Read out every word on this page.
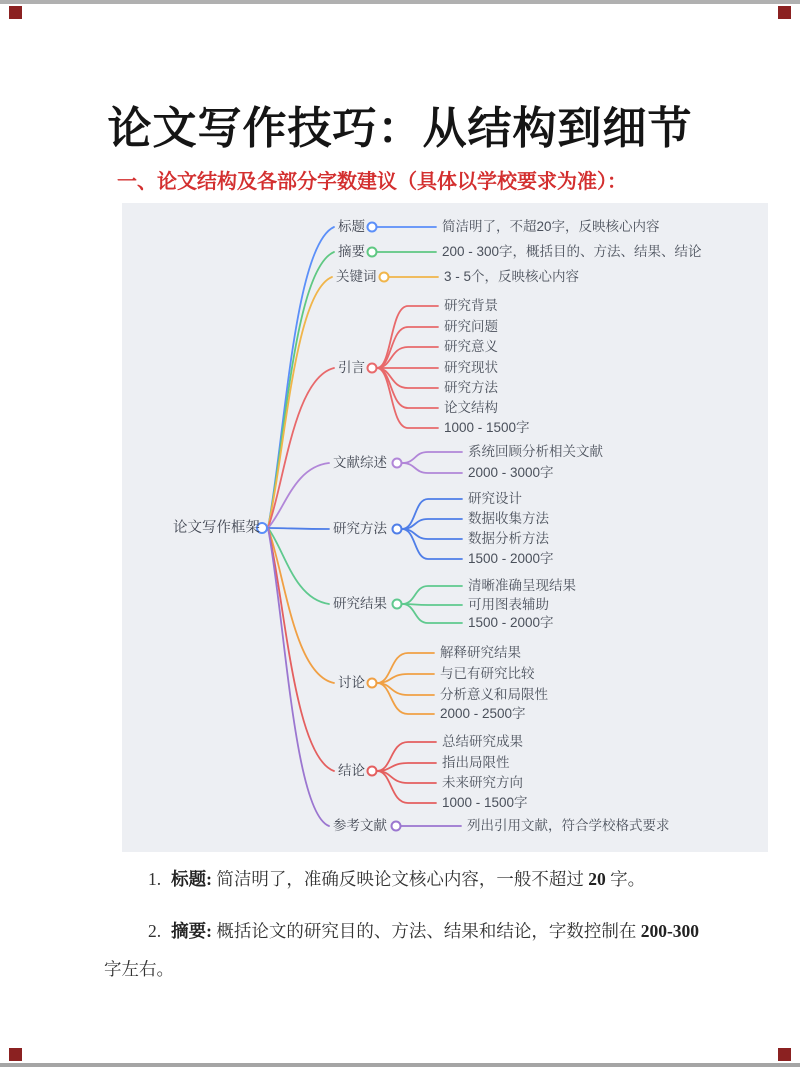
论文写作技巧：从结构到细节
一、论文结构及各部分字数建议（具体以学校要求为准）：
论文写作框架
标题
摘要
关键词
引言
文献综述
研究方法
研究结果
讨论
结论
参考文献
简洁明了，不超20字，反映核心内容
200 - 300字，概括目的、方法、结果、结论
3 - 5个，反映核心内容
研究背景
研究问题
研究意义
研究现状
研究方法
论文结构
1000 - 1500字
系统回顾分析相关文献
2000 - 3000字
研究设计
数据收集方法
数据分析方法
1500 - 2000字
清晰准确呈现结果
可用图表辅助
1500 - 2000字
解释研究结果
与已有研究比较
分析意义和局限性
2000 - 2500字
总结研究成果
指出局限性
未来研究方向
1000 - 1500字
列出引用文献，符合学校格式要求
1. 标题: 简洁明了，准确反映论文核心内容，一般不超过 20 字。
2. 摘要: 概括论文的研究目的、方法、结果和结论，字数控制在 200-300
字左右。
